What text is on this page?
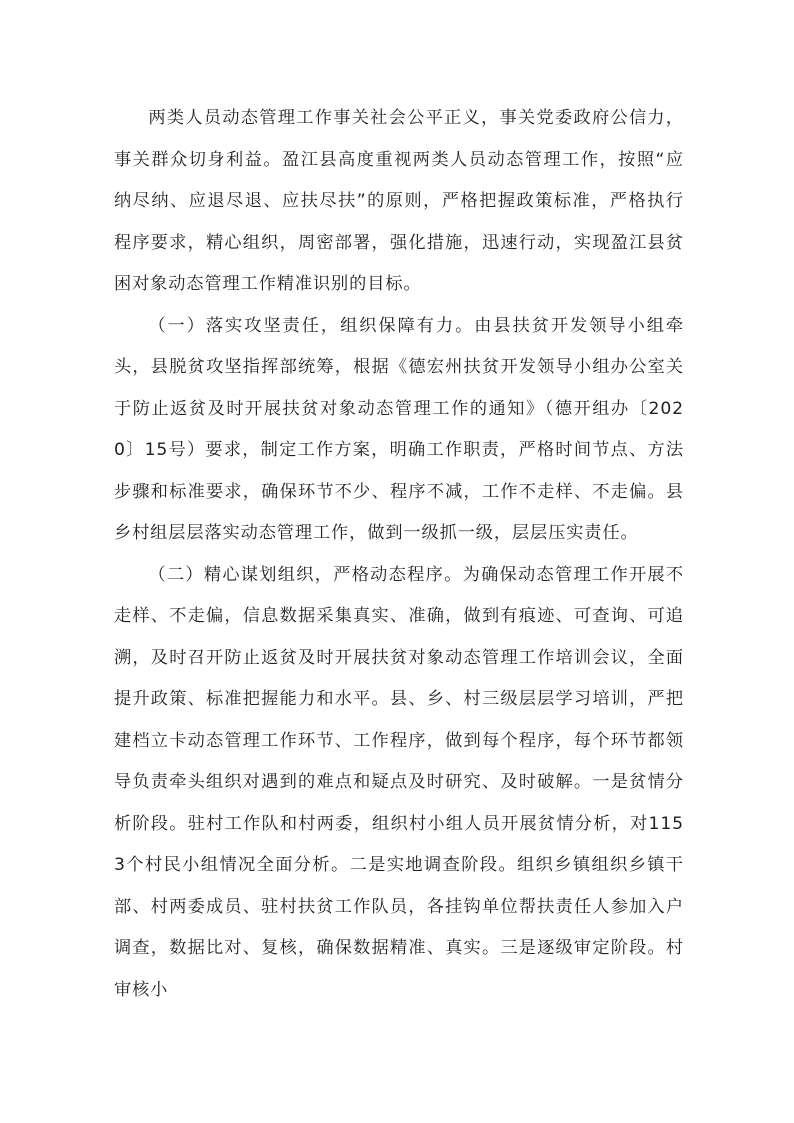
两类人员动态管理工作事关社会公平正义，事关党委政府公信力，事关群众切身利益。盈江县高度重视两类人员动态管理工作，按照“应纳尽纳、应退尽退、应扶尽扶”的原则，严格把握政策标准，严格执行程序要求，精心组织，周密部署，强化措施，迅速行动，实现盈江县贫困对象动态管理工作精准识别的目标。

（一）落实攻坚责任，组织保障有力。由县扶贫开发领导小组牵头，县脱贫攻坚指挥部统筹，根据《德宏州扶贫开发领导小组办公室关于防止返贫及时开展扶贫对象动态管理工作的通知》（德开组办〔2020〕15号）要求，制定工作方案，明确工作职责，严格时间节点、方法步骤和标准要求，确保环节不少、程序不减，工作不走样、不走偏。县乡村组层层落实动态管理工作，做到一级抓一级，层层压实责任。

（二）精心谋划组织，严格动态程序。为确保动态管理工作开展不走样、不走偏，信息数据采集真实、准确，做到有痕迹、可查询、可追溯，及时召开防止返贫及时开展扶贫对象动态管理工作培训会议，全面提升政策、标准把握能力和水平。县、乡、村三级层层学习培训，严把建档立卡动态管理工作环节、工作程序，做到每个程序，每个环节都领导负责牵头组织对遇到的难点和疑点及时研究、及时破解。一是贫情分析阶段。驻村工作队和村两委，组织村小组人员开展贫情分析，对1153个村民小组情况全面分析。二是实地调查阶段。组织乡镇组织乡镇干部、村两委成员、驻村扶贫工作队员，各挂钩单位帮扶责任人参加入户调查，数据比对、复核，确保数据精准、真实。三是逐级审定阶段。村审核小
